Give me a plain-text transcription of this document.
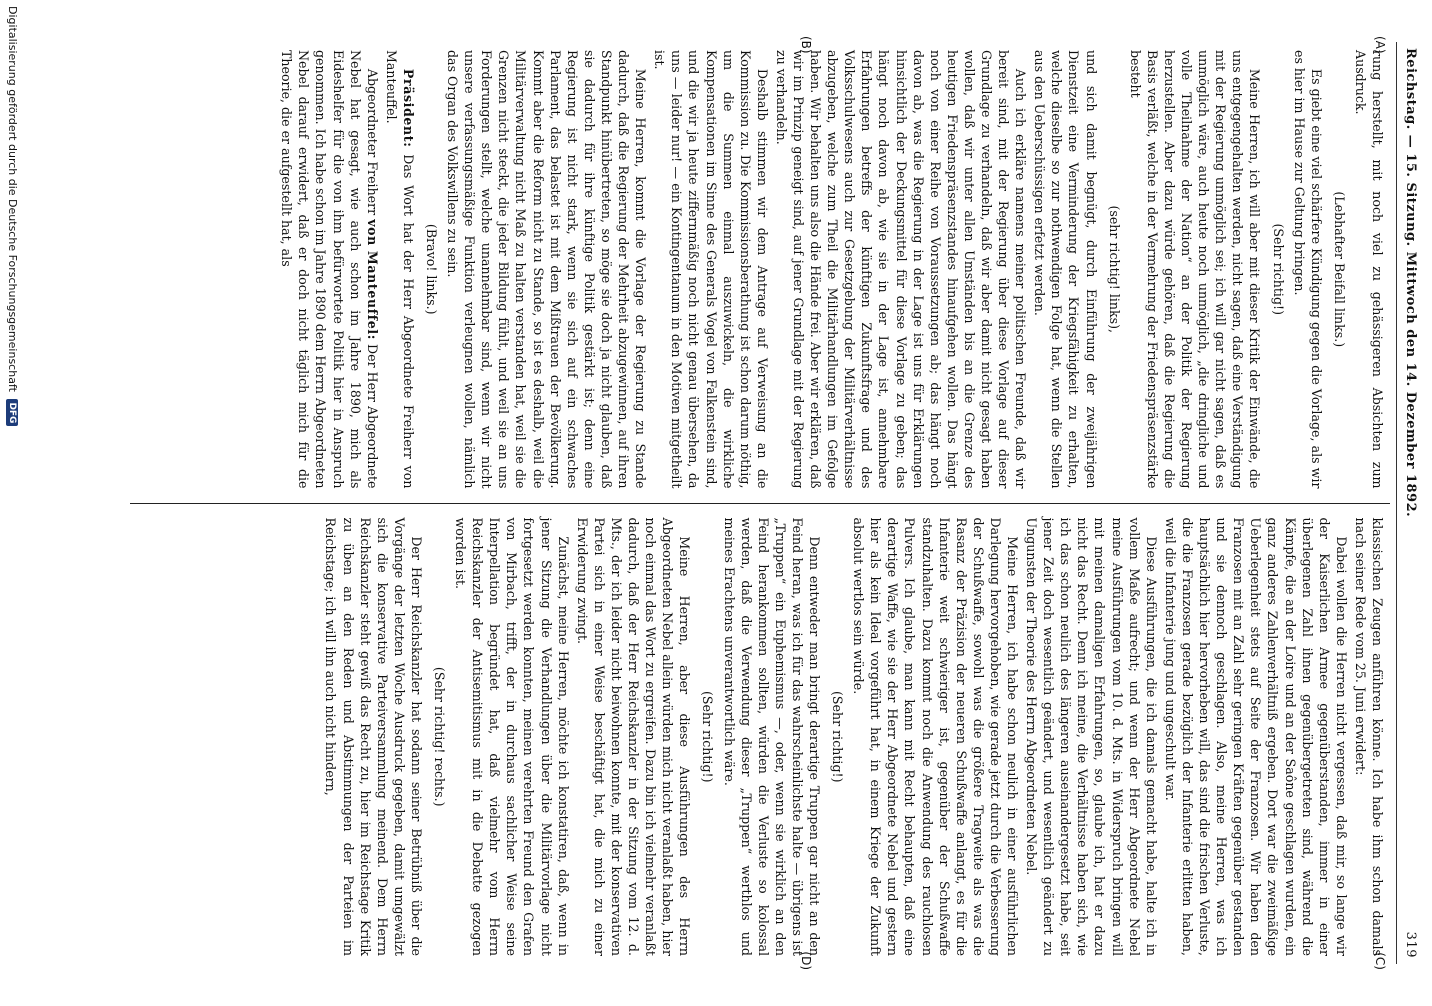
Reichstag. — 15. Sitzung. Mittwoch den 14. Dezember 1892.
319

rung herstellt, mit noch viel zu gehässigeren Absichten zum Ausdruck.

(Lebhafter Beifall links.)

Es giebt eine viel schärfere Kündigung gegen die Vorlage, als wir es hier im Hause zur Geltung bringen.

(Sehr richtig!)

Meine Herren, ich will aber mit dieser Kritik der Einwände, die uns entgegengehalten werden, nicht sagen, daß eine Verständigung mit der Regierung unmöglich sei; ich will gar nicht sagen, daß es unmöglich wäre, auch heute noch unmöglich, „die dringliche und volle Theilnahme der Nation“ an der Politik der Regierung herzustellen. Aber dazu würde gehören, daß die Regierung die Basis verläßt, welche in der Vermehrung der Friedenspräsenzstärke besteht

(sehr richtig! links),

und sich damit begnügt, durch Einführung der zweijährigen Dienstzeit eine Verminderung der Kriegsfähigkeit zu erhalten, welche dieselbe so zur nothwendigen Folge hat, wenn die Stellen aus den Ueberschüssigen erfetzt werden.

Auch ich erkläre namens meiner politischen Freunde, daß wir bereit sind, mit der Regierung über diese Vorlage auf dieser Grundlage zu verhandeln, daß wir aber damit nicht gesagt haben wollen, daß wir unter allen Umständen bis an die Grenze des heutigen Friedenspräsenzstandes hinaufgehen wollen. Das hängt noch von einer Reihe von Voraussetzungen ab; das hängt noch davon ab, was die Regierung in der Lage ist uns für Erklärungen hinsichtlich der Deckungsmittel für diese Vorlage zu geben; das hängt noch davon ab, wie sie in der Lage ist, annehmbare Erfahrungen betreffs der künftigen Zukunftsfrage und des Volksschulwesens auch zur Gesetzgebung der Militärverhältnisse abzugeben, welche zum Theil die Militärhandlungen im Gefolge haben. Wir behalten uns also die Hände frei. Aber wir erklären, daß wir im Prinzip geneigt sind, auf jener Grundlage mit der Regierung zu verhandeln.

Deshalb stimmen wir dem Antrage auf Verweisung an die Kommission zu. Die Kommissionsberathung ist schon darum nöthig, um die Summen einmal auszuwickeln, die wirkliche Kompensationen im Sinne des Generals Vogel von Falkenstein sind, und die wir ja heute ziffernmäßig noch nicht genau übersehen, da uns — leider nur! — ein Kontingentanum in den Motiven mitgetheilt ist.

Meine Herren, kommt die Vorlage der Regierung zu Stande dadurch, daß die Regierung der Mehrheit abzugewinnen, auf ihren Standpunkt hinübertreten, so möge sie doch ja nicht glauben, daß sie dadurch für ihre künftige Politik gestärkt ist; denn eine Regierung ist nicht stark, wenn sie sich auf ein schwaches Parlament, das belastet ist mit dem Mißtrauen der Bevölkerung. Kommt aber die Reform nicht zu Stande, so ist es deshalb, weil die Militärverwaltung nicht Maß zu halten verstanden hat, weil sie die Grenzen nicht steckt, die jeder Bildung fühlt, und weil sie an uns Forderungen stellt, welche unannehmbar sind, wenn wir nicht unsere verfassungsmäßige Funktion verleugnen wollen, nämlich das Organ des Volkswillens zu sein.

(Bravo! links.)

Präsident: Das Wort hat der Herr Abgeordnete Freiherr von Manteuffel.

Abgeordneter Freiherr von Manteuffel: Der Herr Abgeordnete Nebel hat gesagt, wie auch schon im Jahre 1890, mich als Eideshelfer für die von ihm befürwortete Politik hier in Anspruch genommen. Ich habe schon im Jahre 1890 dem Herrn Abgeordneten Nebel darauf erwidert, daß er doch nicht täglich mich für die Theorie, die er aufgestellt hat, als

(A)
(B)

klassischen Zeugen anführen könne. Ich habe ihm schon damals nach seiner Rede vom 25. Juni erwidert:

Dabei wollen die Herren nicht vergessen, daß mir, so lange wir der Kaiserlichen Armee gegenüberstanden, immer in einer überlegenen Zahl ihnen gegenübergetreten sind, während die Kämpfe, die an der Loire und an der Saône geschlagen wurden, ein ganz anderes Zahlenverhältniß ergeben. Dort war die zweimäßige Ueberlegenheit stets auf Seite der Franzosen. Wir haben den Franzosen mit an Zahl sehr geringen Kräften gegenüber gestanden und sie dennoch geschlagen. Also, meine Herren, was ich hauptsächlich hier hervorheben will, das sind die frischen Verluste, die die Franzosen gerade bezüglich der Infanterie erlitten haben, weil die Infanterie jung und ungeschult war.

Diese Ausführungen, die ich damals gemacht habe, halte ich in vollem Maße aufrecht; und wenn der Herr Abgeordnete Nebel meine Ausführungen vom 10. d. Mts. in Widerspruch bringen will mit meinen damaligen Erfahrungen, so, glaube ich, hat er dazu nicht das Recht. Denn ich meine, die Verhältnisse haben sich, wie ich das schon neulich des längeren auseinandergesetzt habe, seit jener Zeit doch wesentlich geändert, und wesentlich geändert zu Ungunsten der Theorie des Herrn Abgeordneten Nebel.

Meine Herren, ich habe schon neulich in einer ausführlichen Darlegung hervorgehoben, wie gerade jetzt durch die Verbesserung der Schußwaffe, sowohl was die größere Tragweite als was die Rasanz der Präzision der neueren Schußwaffe anlangt, es für die Infanterie weit schwieriger ist, gegenüber der Schußwaffe standzuhalten. Dazu kommt noch die Anwendung des rauchlosen Pulvers. Ich glaube, man kann mit Recht behaupten, daß eine derartige Waffe, wie sie der Herr Abgeordnete Nebel und gestern hier als kein Ideal vorgeführt hat, in einem Kriege der Zukunft absolut wertlos sein würde.

(Sehr richtig!)

Denn entweder man bringt derartige Truppen gar nicht an den Feind heran, was ich für das wahrscheinlichste halte — übrigens ist „Truppen“ ein Euphemismus —, oder, wenn sie wirklich an den Feind herankommen sollten, würden die Verluste so kolossal werden, daß die Verwendung dieser „Truppen“ werthlos und meines Erachtens unverantwortlich wäre.

(Sehr richtig!)

Meine Herren, aber diese Ausführungen des Herrn Abgeordneten Nebel allein würden mich nicht veranlaßt haben, hier noch einmal das Wort zu ergreifen. Dazu bin ich vielmehr veranlaßt dadurch, daß der Herr Reichskanzler in der Sitzung vom 12. d. Mts., der ich leider nicht beiwohnen konnte, mit der konservativen Partei sich in einer Weise beschäftigt hat, die mich zu einer Erwiderung zwingt.

Zunächst, meine Herren, möchte ich konstatiren, daß, wenn in jener Sitzung die Verhandlungen über die Militärvorlage nicht fortgesetzt werden konnten, meinen verehrten Freund den Grafen von Mirbach, trifft, der in durchaus sachlicher Weise seine Interpellation begründet hat, daß vielmehr vom Herrn Reichskanzler der Antisemitismus mit in die Debatte gezogen worden ist.

(Sehr richtig! rechts.)

Der Herr Reichskanzler hat sodann seiner Betrübniß über die Vorgänge der letzten Woche Ausdruck gegeben, damit umgewälzt sich die konservative Parteiversammlung meinend. Dem Herrn Reichskanzler steht gewiß das Recht zu, hier im Reichstage Kritik zu üben an den Reden und Abstimmungen der Parteien im Reichstage; ich will ihn auch nicht hindern,

(C)
(D)
Digitalisierung gefördert durch die Deutsche Forschungsgemeinschaft DFG
